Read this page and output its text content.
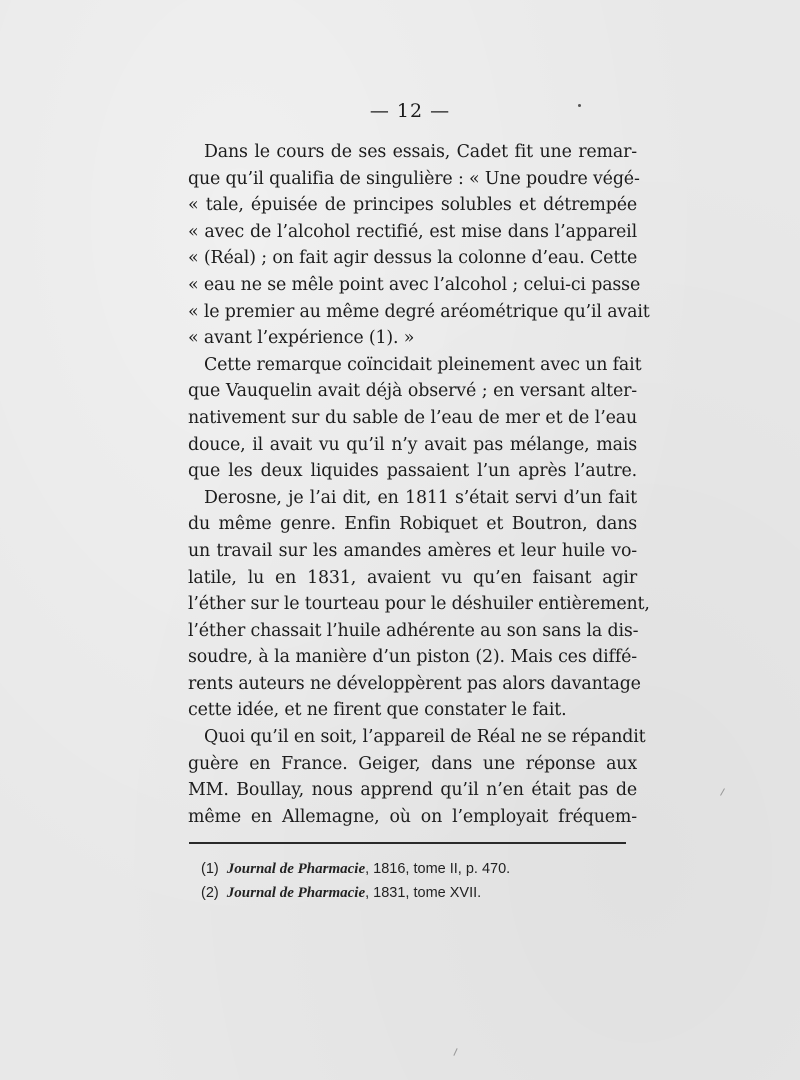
— 12 —
Dans le cours de ses essais, Cadet fit une remar-
que qu’il qualifia de singulière : « Une poudre végé-
« tale, épuisée de principes solubles et détrempée
« avec de l’alcohol rectifié, est mise dans l’appareil
« (Réal) ; on fait agir dessus la colonne d’eau. Cette
« eau ne se mêle point avec l’alcohol ; celui-ci passe
« le premier au même degré aréométrique qu’il avait
« avant l’expérience (1). »
Cette remarque coïncidait pleinement avec un fait
que Vauquelin avait déjà observé ; en versant alter-
nativement sur du sable de l’eau de mer et de l’eau
douce, il avait vu qu’il n’y avait pas mélange, mais
que les deux liquides passaient l’un après l’autre.
Derosne, je l’ai dit, en 1811 s’était servi d’un fait
du même genre. Enfin Robiquet et Boutron, dans
un travail sur les amandes amères et leur huile vo-
latile, lu en 1831, avaient vu qu’en faisant agir
l’éther sur le tourteau pour le déshuiler entièrement,
l’éther chassait l’huile adhérente au son sans la dis-
soudre, à la manière d’un piston (2). Mais ces diffé-
rents auteurs ne développèrent pas alors davantage
cette idée, et ne firent que constater le fait.
Quoi qu’il en soit, l’appareil de Réal ne se répandit
guère en France. Geiger, dans une réponse aux
MM. Boullay, nous apprend qu’il n’en était pas de
même en Allemagne, où on l’employait fréquem-
(1) Journal de Pharmacie, 1816, tome II, p. 470.
(2) Journal de Pharmacie, 1831, tome XVII.
